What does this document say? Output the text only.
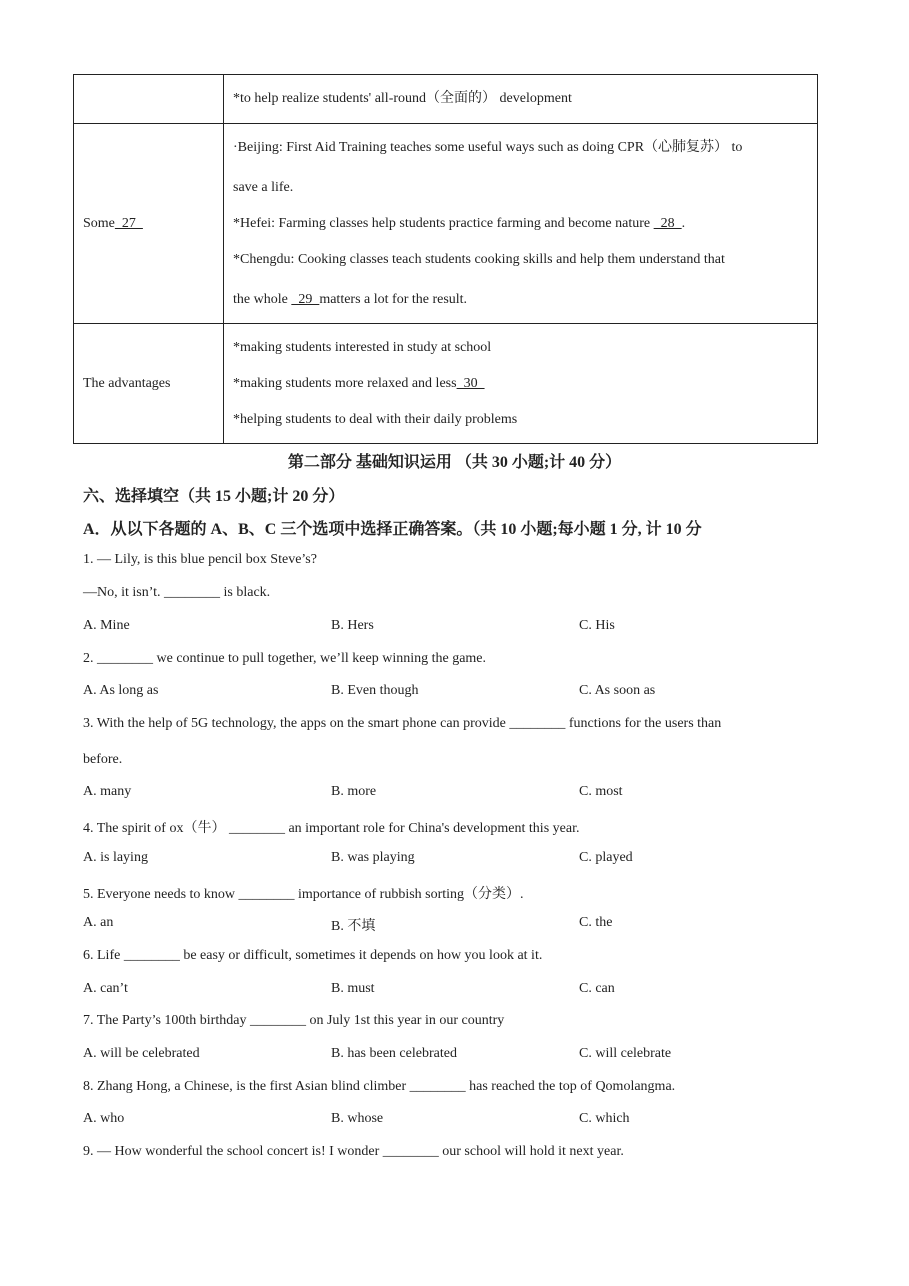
	*to help realize students' all-round（全面的） development

Some  27	·Beijing: First Aid Training teaches some useful ways such as doing CPR（心肺复苏） to
save a life.
*Hefei: Farming classes help students practice farming and become nature   28  .
*Chengdu: Cooking classes teach students cooking skills and help them understand that
the whole   29  matters a lot for the result.

The advantages	*making students interested in study at school
*making students more relaxed and less  30
*helping students to deal with their daily problems
第二部分 基础知识运用 （共 30 小题;计 40 分）
六、选择填空（共 15 小题;计 20 分）
A．从以下各题的 A、B、C 三个选项中选择正确答案。（共 10 小题;每小题 1 分, 计 10 分
1. — Lily, is this blue pencil box Steve’s?
—No, it isn’t. ________ is black.
A. Mine	B. Hers	C. His
2. ________ we continue to pull together, we’ll keep winning the game.
A. As long as	B. Even though	C. As soon as
3. With the help of 5G technology, the apps on the smart phone can provide ________ functions for the users than
before.
A. many	B. more	C. most
4. The spirit of ox（牛） ________ an important role for China's development this year.
A. is laying	B. was playing	C. played
5. Everyone needs to know ________ importance of rubbish sorting（分类）.
A. an	B. 不填	C. the
6. Life ________ be easy or difficult, sometimes it depends on how you look at it.
A. can’t	B. must	C. can
7. The Party’s 100th birthday ________ on July 1st this year in our country
A. will be celebrated	B. has been celebrated	C. will celebrate
8. Zhang Hong, a Chinese, is the first Asian blind climber ________ has reached the top of Qomolangma.
A. who	B. whose	C. which
9. — How wonderful the school concert is! I wonder ________ our school will hold it next year.
